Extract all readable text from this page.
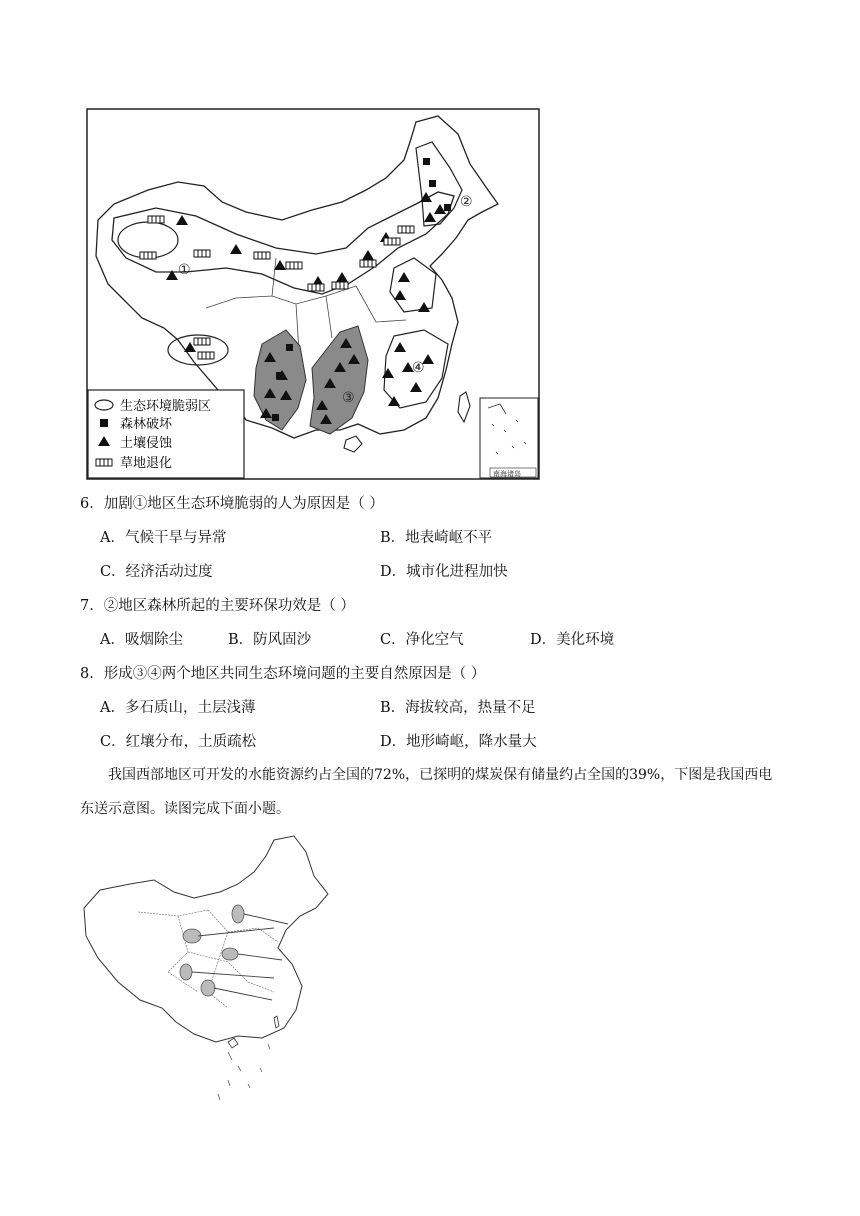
①
②
③
④
南海诸岛
生态环境脆弱区
森林破坏
土壤侵蚀
草地退化
6．加剧①地区生态环境脆弱的人为原因是（ ）
A．气候干旱与异常	B．地表崎岖不平
C．经济活动过度	D．城市化进程加快
7．②地区森林所起的主要环保功效是（ ）
A．吸烟除尘	B．防风固沙	C．净化空气	D．美化环境
8．形成③④两个地区共同生态环境问题的主要自然原因是（ ）
A．多石质山，土层浅薄	B．海拔较高，热量不足
C．红壤分布，土质疏松	D．地形崎岖，降水量大
我国西部地区可开发的水能资源约占全国的72%，已探明的煤炭保有储量约占全国的39%，下图是我国西电东送示意图。读图完成下面小题。
